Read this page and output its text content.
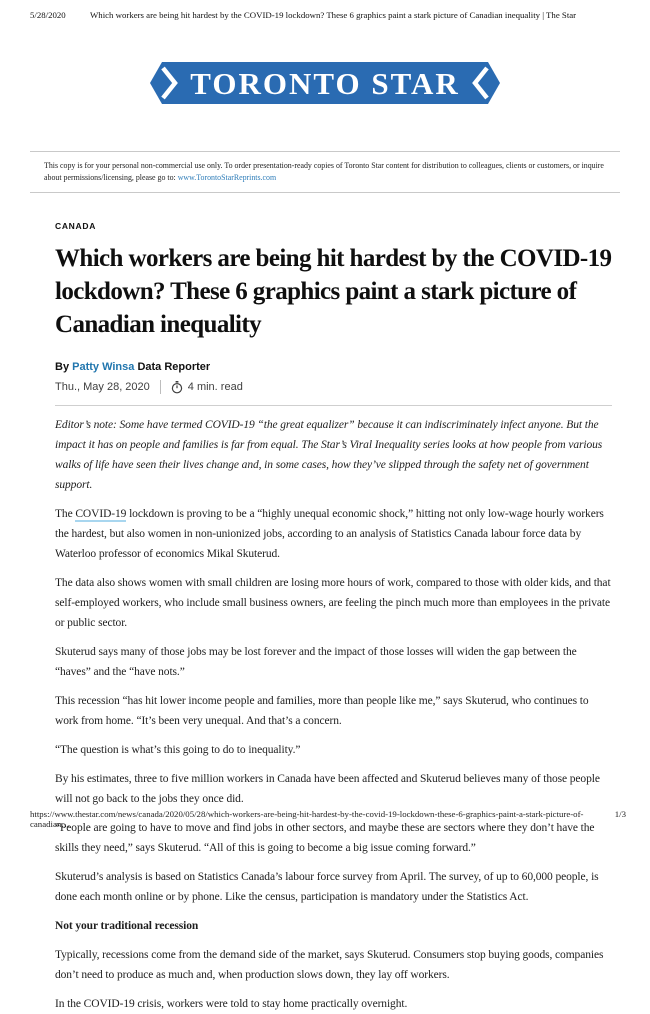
5/28/2020	Which workers are being hit hardest by the COVID-19 lockdown? These 6 graphics paint a stark picture of Canadian inequality | The Star
TORONTO STAR
This copy is for your personal non-commercial use only. To order presentation-ready copies of Toronto Star content for distribution to colleagues, clients or customers, or inquire about permissions/licensing, please go to: www.TorontoStarReprints.com
CANADA
Which workers are being hit hardest by the COVID-19
lockdown? These 6 graphics paint a stark picture of
Canadian inequality
By Patty Winsa Data Reporter
Thu., May 28, 2020	4 min. read

Editor’s note: Some have termed COVID-19 “the great equalizer” because it can indiscriminately infect anyone. But the impact it has on people and families is far from equal. The Star’s Viral Inequality series looks at how people from various walks of life have seen their lives change and, in some cases, how they’ve slipped through the safety net of government support.

The COVID-19 lockdown is proving to be a “highly unequal economic shock,” hitting not only low-wage hourly workers the hardest, but also women in non-unionized jobs, according to an analysis of Statistics Canada labour force data by Waterloo professor of economics Mikal Skuterud.

The data also shows women with small children are losing more hours of work, compared to those with older kids, and that self-employed workers, who include small business owners, are feeling the pinch much more than employees in the private or public sector.

Skuterud says many of those jobs may be lost forever and the impact of those losses will widen the gap between the “haves” and the “have nots.”

This recession “has hit lower income people and families, more than people like me,” says Skuterud, who continues to work from home. “It’s been very unequal. And that’s a concern.

“The question is what’s this going to do to inequality.”

By his estimates, three to five million workers in Canada have been affected and Skuterud believes many of those people will not go back to the jobs they once did.

“People are going to have to move and find jobs in other sectors, and maybe these are sectors where they don’t have the skills they need,” says Skuterud. “All of this is going to become a big issue coming forward.”

Skuterud’s analysis is based on Statistics Canada’s labour force survey from April. The survey, of up to 60,000 people, is done each month online or by phone. Like the census, participation is mandatory under the Statistics Act.

Not your traditional recession

Typically, recessions come from the demand side of the market, says Skuterud. Consumers stop buying goods, companies don’t need to produce as much and, when production slows down, they lay off workers.

In the COVID-19 crisis, workers were told to stay home practically overnight.

https://www.thestar.com/news/canada/2020/05/28/which-workers-are-being-hit-hardest-by-the-covid-19-lockdown-these-6-graphics-paint-a-stark-picture-of-canadian…
1/3
